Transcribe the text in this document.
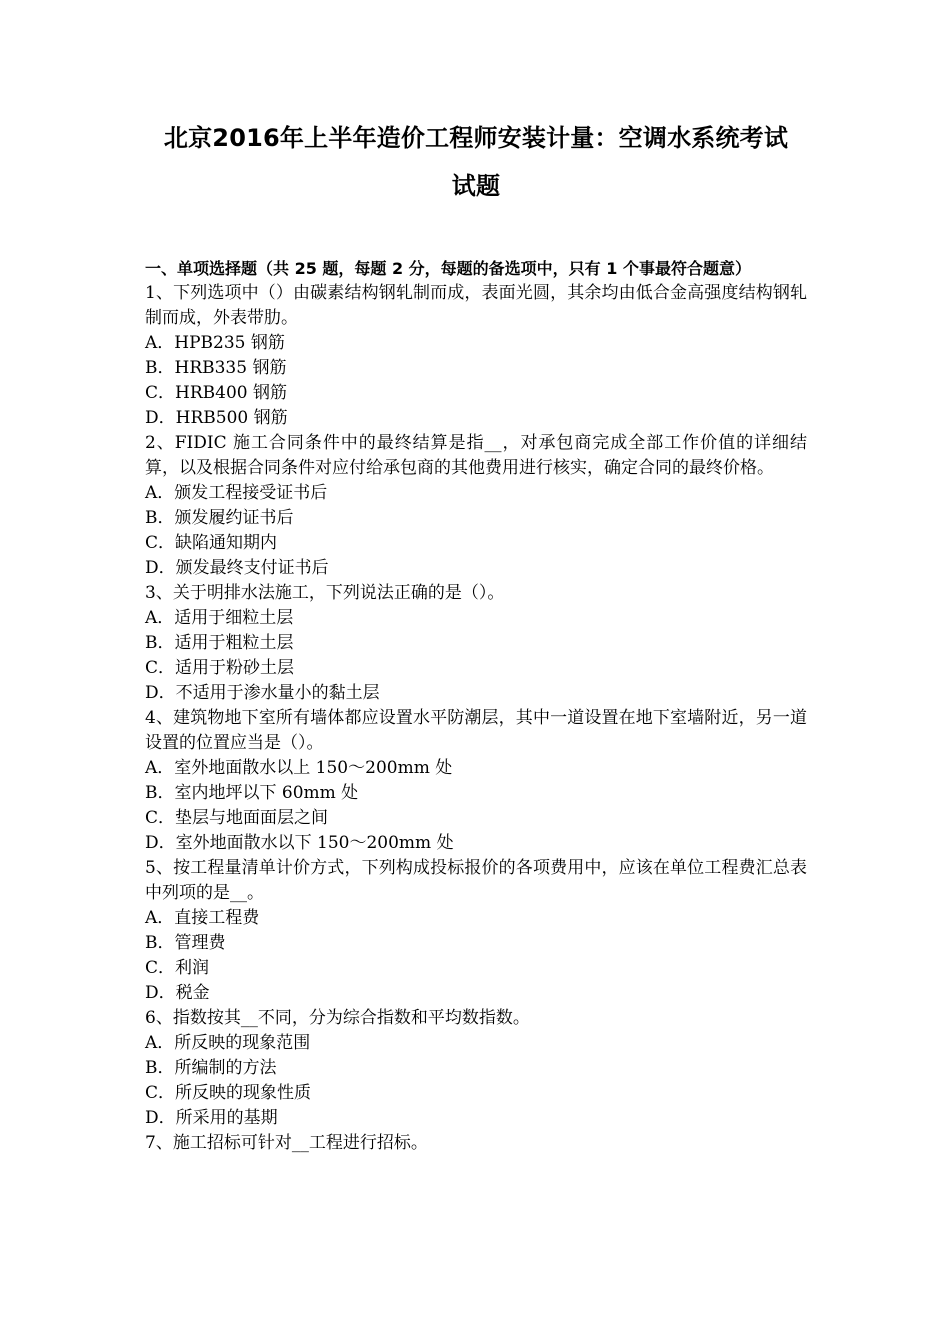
北京2016年上半年造价工程师安装计量：空调水系统考试
试题

一、单项选择题（共 25 题，每题 2 分，每题的备选项中，只有 1 个事最符合题意）

1、下列选项中（）由碳素结构钢轧制而成，表面光圆，其余均由低合金高强度结构钢轧制而成，外表带肋。
A．HPB235 钢筋
B．HRB335 钢筋
C．HRB400 钢筋
D．HRB500 钢筋
2、FIDIC 施工合同条件中的最终结算是指__，对承包商完成全部工作价值的详细结算，以及根据合同条件对应付给承包商的其他费用进行核实，确定合同的最终价格。
A．颁发工程接受证书后
B．颁发履约证书后
C．缺陷通知期内
D．颁发最终支付证书后
3、关于明排水法施工，下列说法正确的是（）。
A．适用于细粒土层
B．适用于粗粒土层
C．适用于粉砂土层
D．不适用于渗水量小的黏土层
4、建筑物地下室所有墙体都应设置水平防潮层，其中一道设置在地下室墙附近，另一道设置的位置应当是（）。
A．室外地面散水以上 150～200mm 处
B．室内地坪以下 60mm 处
C．垫层与地面面层之间
D．室外地面散水以下 150～200mm 处
5、按工程量清单计价方式，下列构成投标报价的各项费用中，应该在单位工程费汇总表中列项的是__。
A．直接工程费
B．管理费
C．利润
D．税金
6、指数按其__不同，分为综合指数和平均数指数。
A．所反映的现象范围
B．所编制的方法
C．所反映的现象性质
D．所采用的基期
7、施工招标可针对__工程进行招标。
